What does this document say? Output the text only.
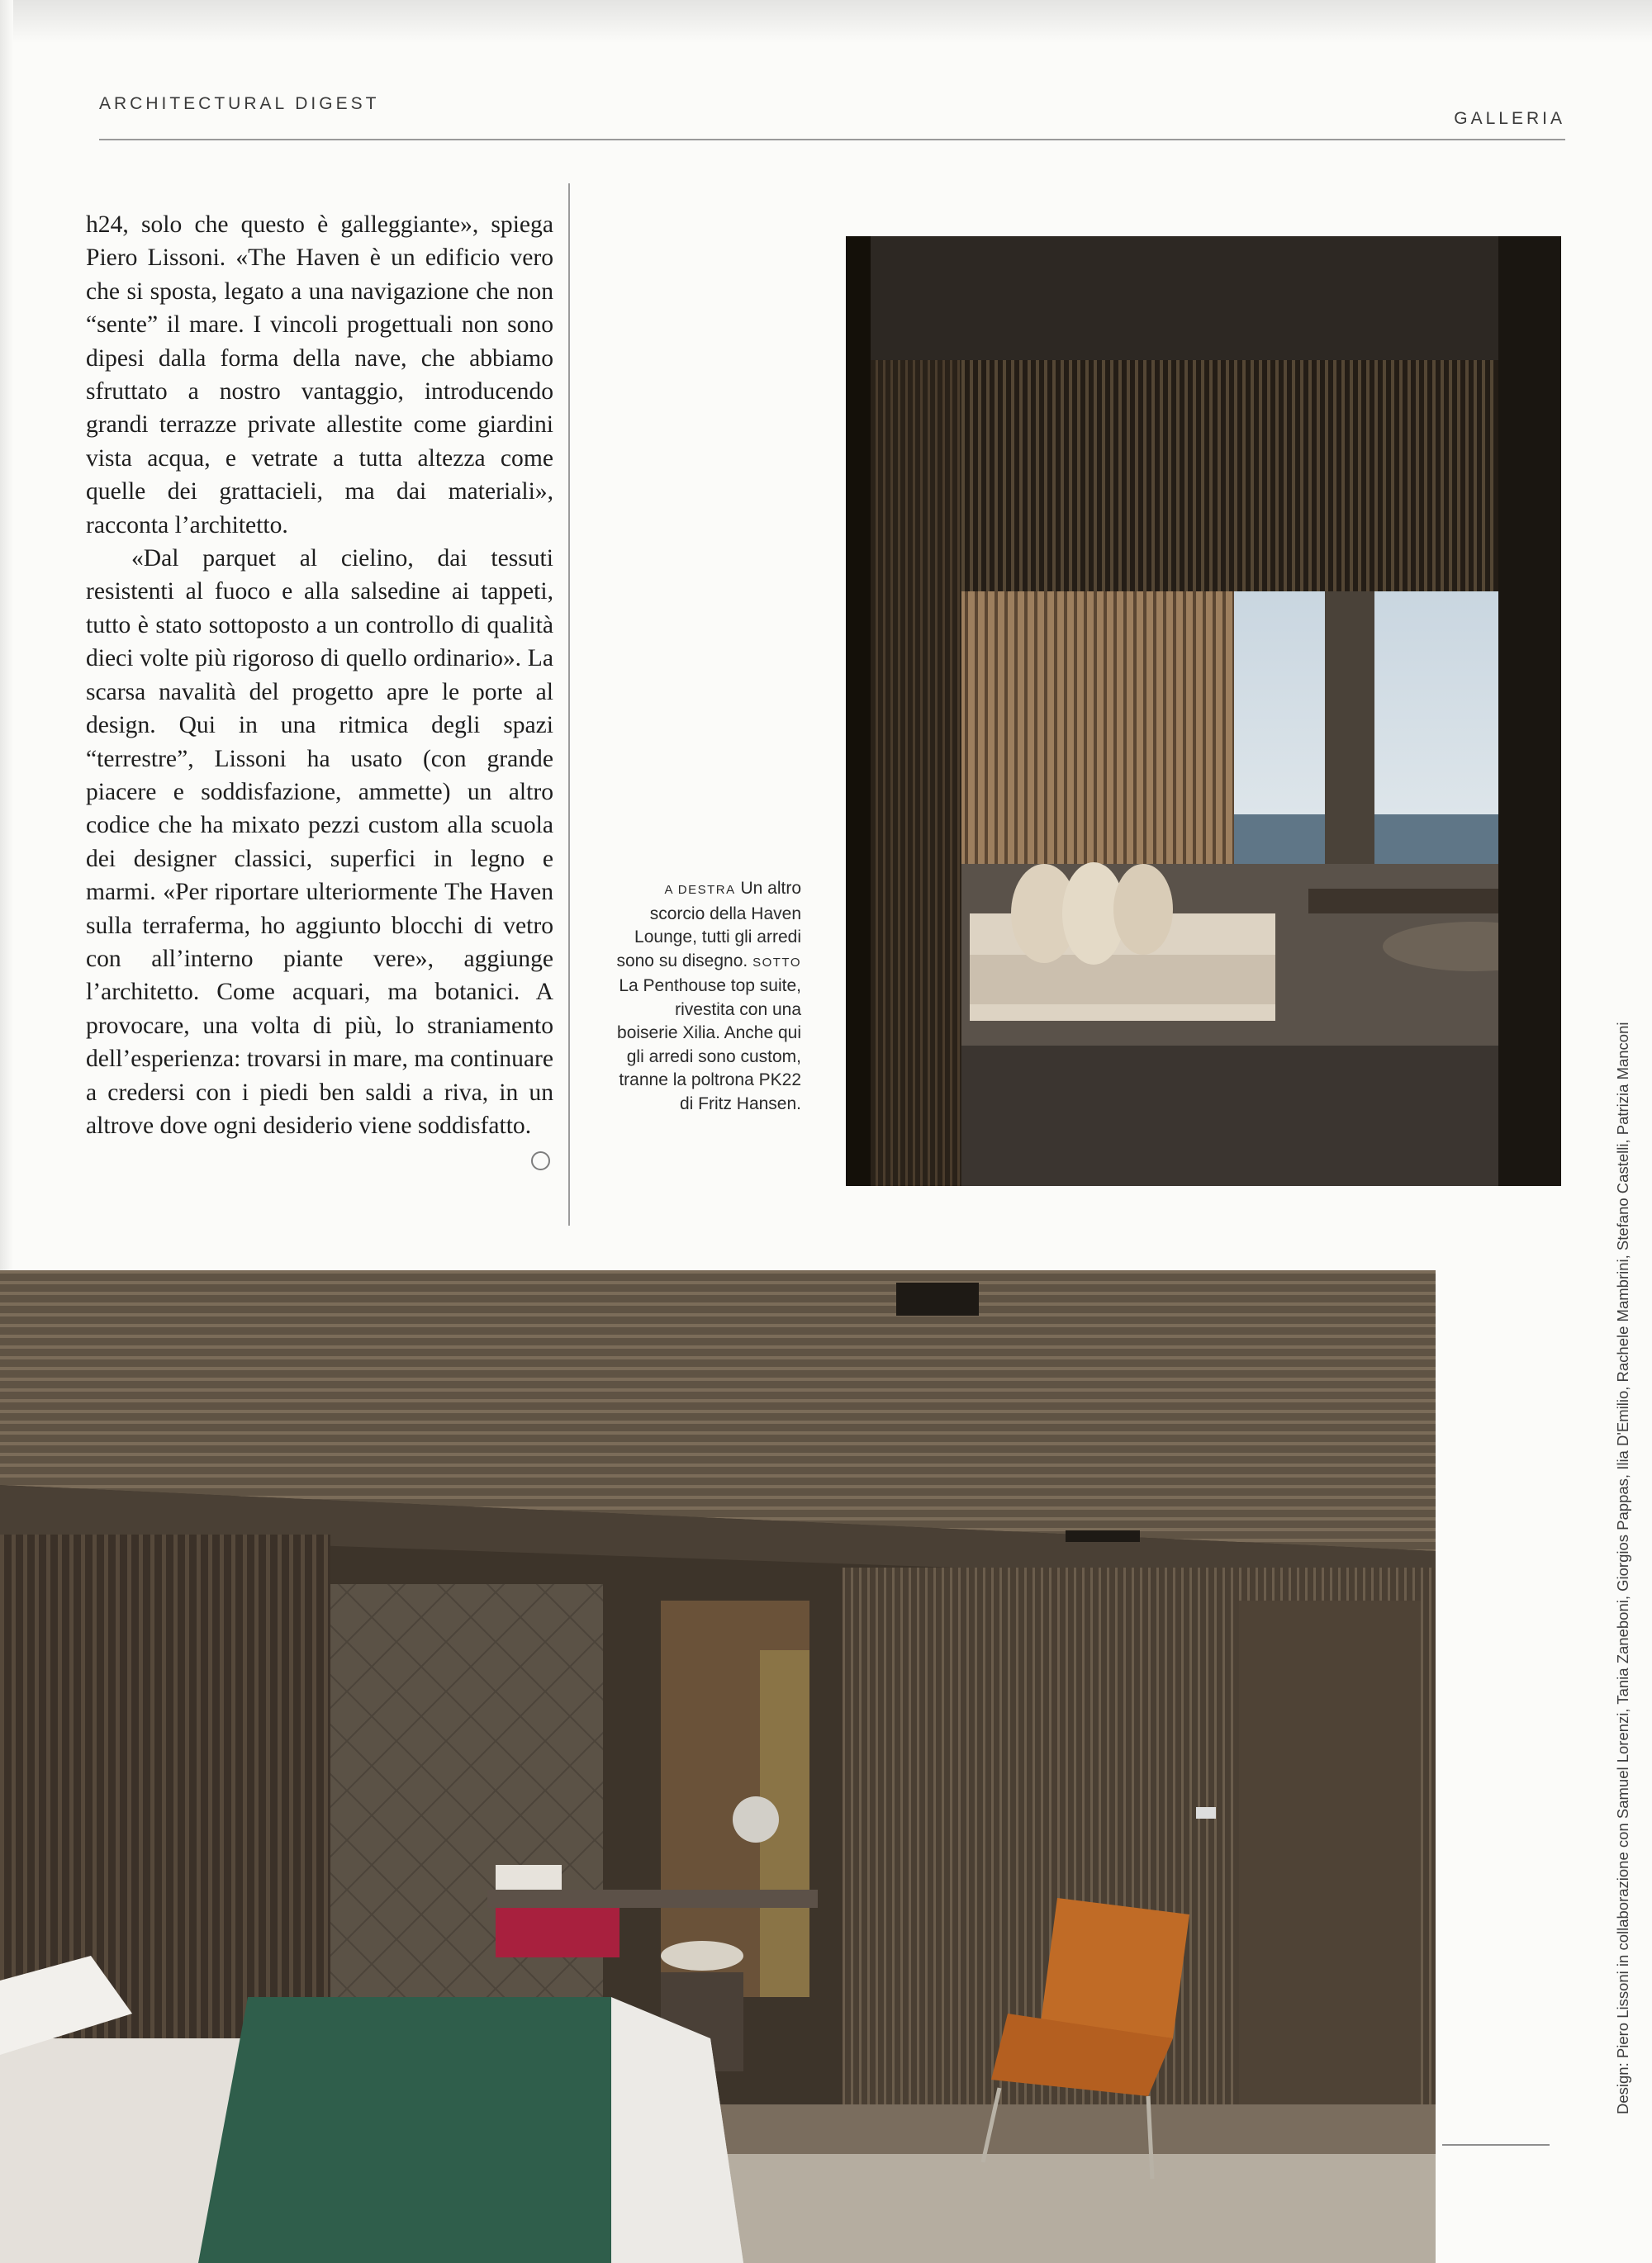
ARCHITECTURAL DIGEST
GALLERIA

h24, solo che questo è galleggiante», spiega Piero Lissoni. «The Haven è un edificio vero che si sposta, legato a una navigazione che non “sente” il mare. I vincoli progettuali non sono dipesi dalla forma della nave, che abbiamo sfruttato a nostro vantaggio, introducendo grandi terrazze private allestite come giardini vista acqua, e vetrate a tutta altezza come quelle dei grattacieli, ma dai materiali», racconta l’architetto.

«Dal parquet al cielino, dai tessuti resistenti al fuoco e alla salsedine ai tappeti, tutto è stato sottoposto a un controllo di qualità dieci volte più rigoroso di quello ordinario». La scarsa navalità del progetto apre le porte al design. Qui in una ritmica degli spazi “terrestre”, Lissoni ha usato (con grande piacere e soddisfazione, ammette) un altro codice che ha mixato pezzi custom alla scuola dei designer classici, superfici in legno e marmi. «Per riportare ulteriormente The Haven sulla terraferma, ho aggiunto blocchi di vetro con all’interno piante vere», aggiunge l’architetto. Come acquari, ma botanici. A provocare, una volta di più, lo straniamento dell’esperienza: trovarsi in mare, ma continuare a credersi con i piedi ben saldi a riva, in un altrove dove ogni desiderio viene soddisfatto.

A DESTRA Un altro scorcio della Haven Lounge, tutti gli arredi sono su disegno. SOTTO La Penthouse top suite, rivestita con una boiserie Xilia. Anche qui gli arredi sono custom, tranne la poltrona PK22 di Fritz Hansen.	Design: Piero Lissoni in collaborazione con Samuel Lorenzi, Tania Zaneboni, Giorgios Pappas, Ilia D'Emilio, Rachele Mambrini, Stefano Castelli, Patrizia Manconi
